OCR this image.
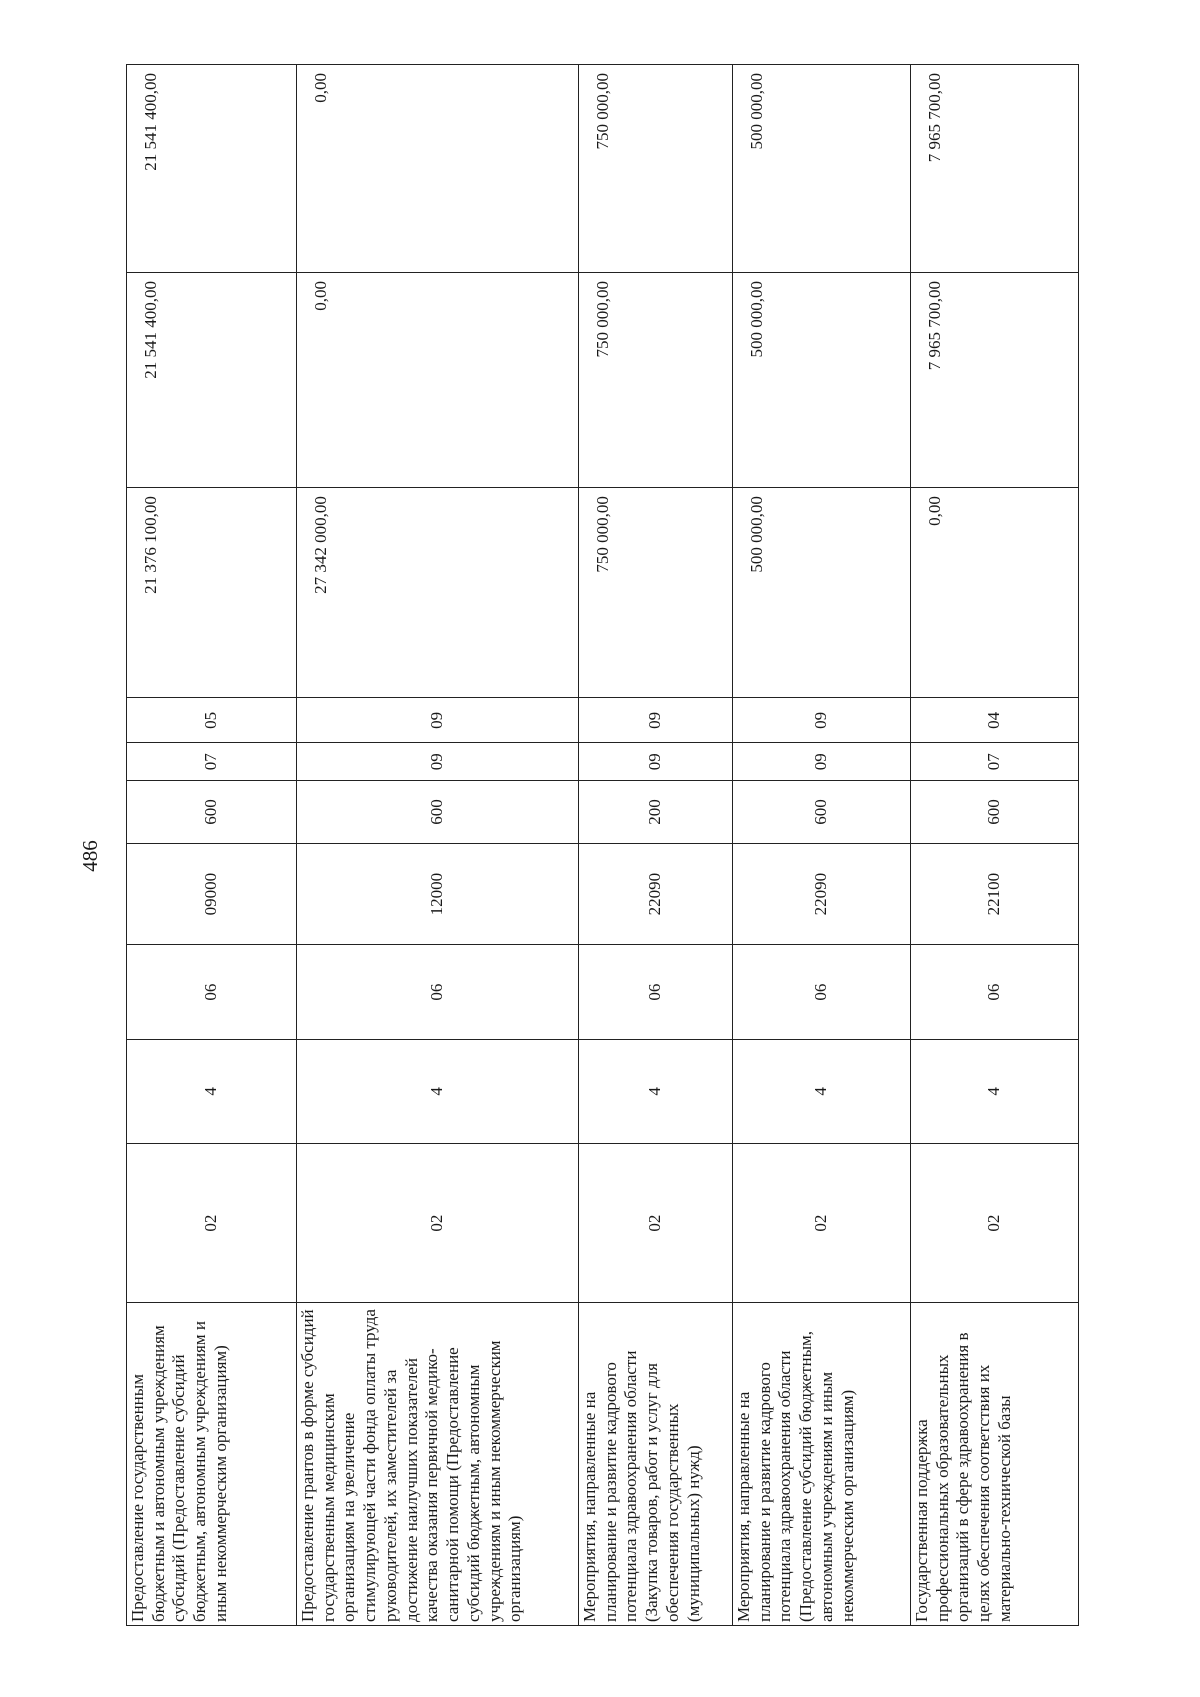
486
Предоставление государственным бюджетным и автономным учреждениям субсидий (Предоставление субсидий бюджетным, автономным учреждениям и иным некоммерческим организациям)	02	4	06	09000	600	07	05	21 376 100,00	21 541 400,00	21 541 400,00
Предоставление грантов в форме субсидий государственным медицинским организациям на увеличение стимулирующей части фонда оплаты труда руководителей, их заместителей за достижение наилучших показателей качества оказания первичной медико-санитарной помощи (Предоставление субсидий бюджетным, автономным учреждениям и иным некоммерческим организациям)	02	4	06	12000	600	09	09	27 342 000,00	0,00	0,00
Мероприятия, направленные на планирование и развитие кадрового потенциала здравоохранения области (Закупка товаров, работ и услуг для обеспечения государственных (муниципальных) нужд)	02	4	06	22090	200	09	09	750 000,00	750 000,00	750 000,00
Мероприятия, направленные на планирование и развитие кадрового потенциала здравоохранения области (Предоставление субсидий бюджетным, автономным учреждениям и иным некоммерческим организациям)	02	4	06	22090	600	09	09	500 000,00	500 000,00	500 000,00
Государственная поддержка профессиональных образовательных организаций в сфере здравоохранения в целях обеспечения соответствия их материально-технической базы	02	4	06	22100	600	07	04	0,00	7 965 700,00	7 965 700,00
